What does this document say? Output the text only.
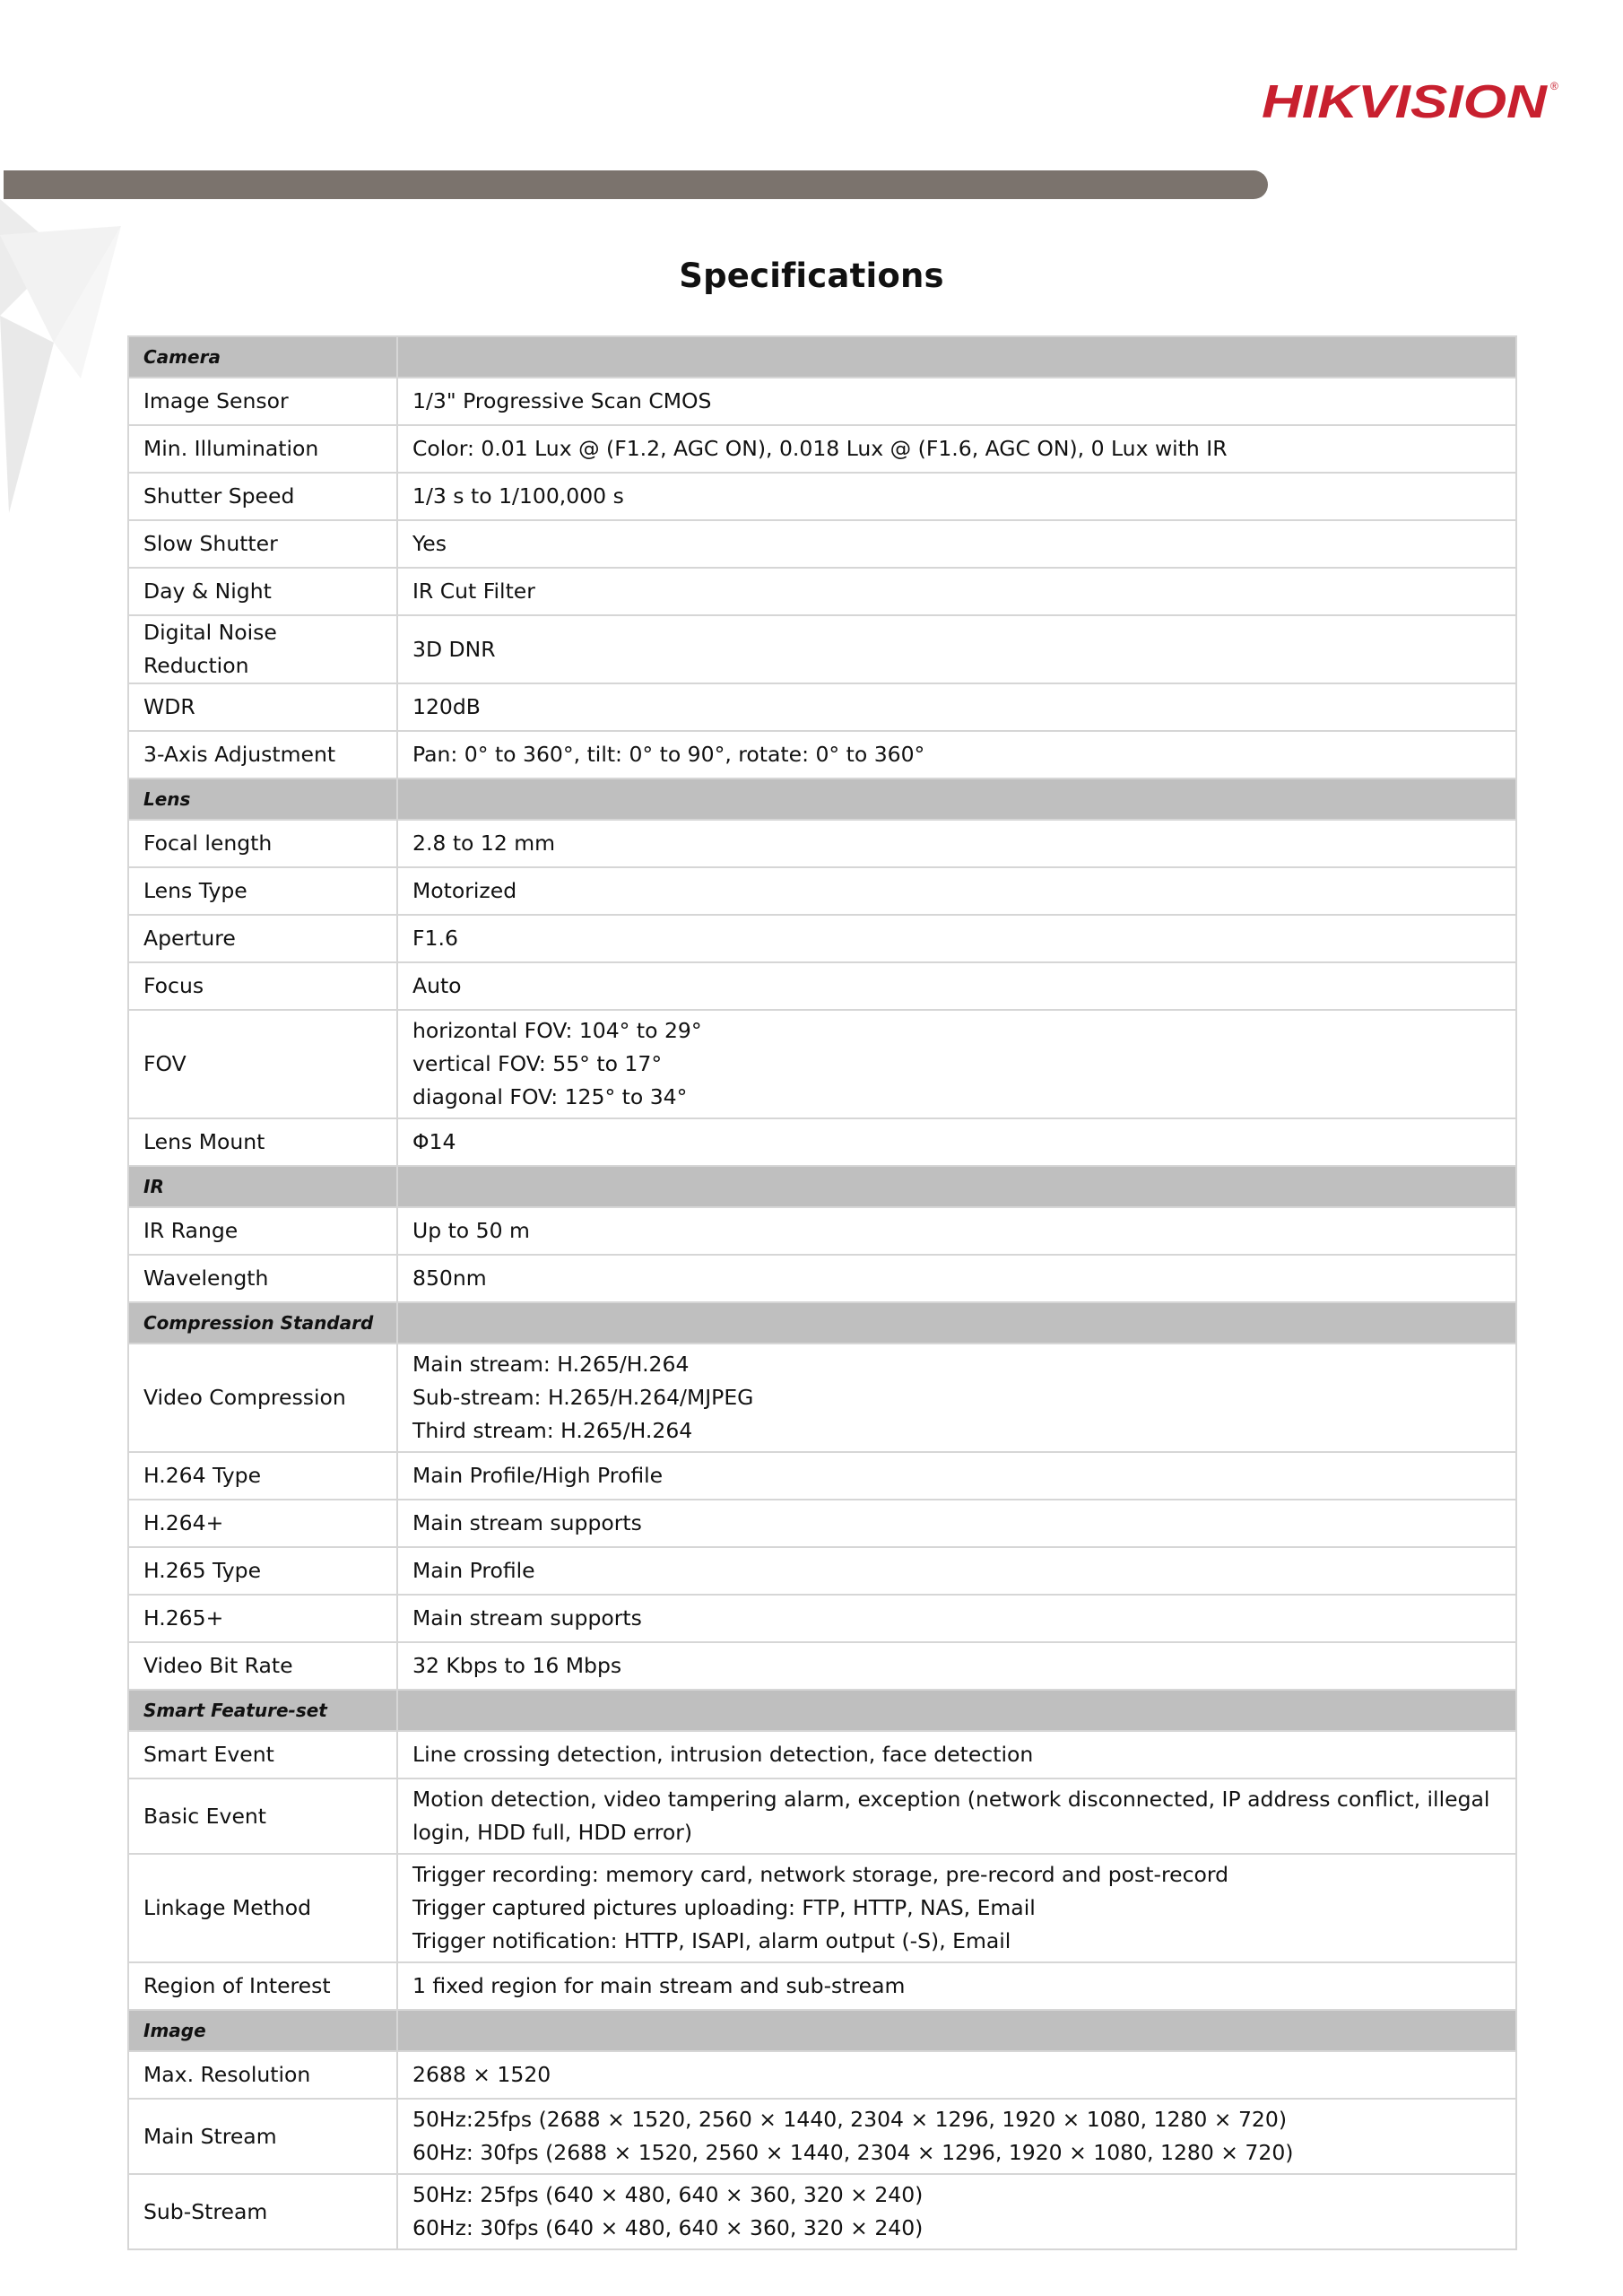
HIKVISION ®
Specifications
Camera	
Image Sensor	1/3" Progressive Scan CMOS

Min. Illumination	Color: 0.01 Lux @ (F1.2, AGC ON), 0.018 Lux @ (F1.6, AGC ON), 0 Lux with IR

Shutter Speed	1/3 s to 1/100,000 s

Slow Shutter	Yes

Day & Night	IR Cut Filter

Digital Noise Reduction	3D DNR

WDR	120dB

3-Axis Adjustment	Pan: 0° to 360°, tilt: 0° to 90°, rotate: 0° to 360°

Lens	
Focal length	2.8 to 12 mm

Lens Type	Motorized

Aperture	F1.6

Focus	Auto

FOV	horizontal FOV: 104° to 29°
vertical FOV: 55° to 17°
diagonal FOV: 125° to 34°

Lens Mount	Φ14

IR	
IR Range	Up to 50 m

Wavelength	850nm

Compression Standard	
Video Compression	Main stream: H.265/H.264
Sub-stream: H.265/H.264/MJPEG
Third stream: H.265/H.264

H.264 Type	Main Profile/High Profile

H.264+	Main stream supports

H.265 Type	Main Profile

H.265+	Main stream supports

Video Bit Rate	32 Kbps to 16 Mbps

Smart Feature-set	
Smart Event	Line crossing detection, intrusion detection, face detection

Basic Event	Motion detection, video tampering alarm, exception (network disconnected, IP address conflict, illegal
login, HDD full, HDD error)

Linkage Method	Trigger recording: memory card, network storage, pre-record and post-record
Trigger captured pictures uploading: FTP, HTTP, NAS, Email
Trigger notification: HTTP, ISAPI, alarm output (-S), Email

Region of Interest	1 fixed region for main stream and sub-stream

Image	
Max. Resolution	2688 × 1520

Main Stream	50Hz:25fps (2688 × 1520, 2560 × 1440, 2304 × 1296, 1920 × 1080, 1280 × 720)
60Hz: 30fps (2688 × 1520, 2560 × 1440, 2304 × 1296, 1920 × 1080, 1280 × 720)

Sub-Stream	50Hz: 25fps (640 × 480, 640 × 360, 320 × 240)
60Hz: 30fps (640 × 480, 640 × 360, 320 × 240)
